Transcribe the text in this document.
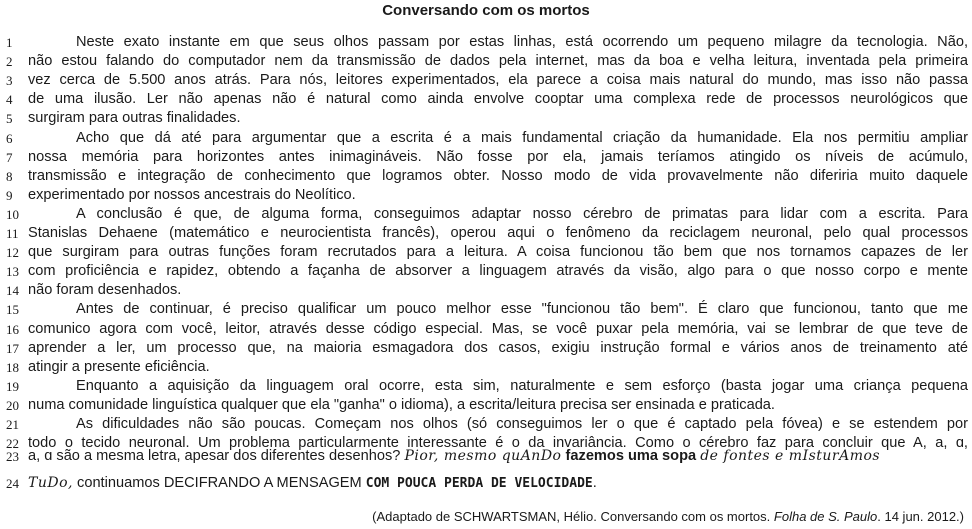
Conversando com os mortos
1	Neste exato instante em que seus olhos passam por estas linhas, está ocorrendo um pequeno milagre da tecnologia. Não,
2	não estou falando do computador nem da transmissão de dados pela internet, mas da boa e velha leitura, inventada pela primeira
3	vez cerca de 5.500 anos atrás. Para nós, leitores experimentados, ela parece a coisa mais natural do mundo, mas isso não passa
4	de uma ilusão. Ler não apenas não é natural como ainda envolve cooptar uma complexa rede de processos neurológicos que
5	surgiram para outras finalidades.
6	Acho que dá até para argumentar que a escrita é a mais fundamental criação da humanidade. Ela nos permitiu ampliar
7	nossa memória para horizontes antes inimagináveis. Não fosse por ela, jamais teríamos atingido os níveis de acúmulo,
8	transmissão e integração de conhecimento que logramos obter. Nosso modo de vida provavelmente não diferiria muito daquele
9	experimentado por nossos ancestrais do Neolítico.
10	A conclusão é que, de alguma forma, conseguimos adaptar nosso cérebro de primatas para lidar com a escrita. Para
11 Stanislas Dehaene (matemático e neurocientista francês), operou aqui o fenômeno da reciclagem neuronal, pelo qual processos
12 que surgiram para outras funções foram recrutados para a leitura. A coisa funcionou tão bem que nos tornamos capazes de ler
13 com proficiência e rapidez, obtendo a façanha de absorver a linguagem através da visão, algo para o que nosso corpo e mente
14 não foram desenhados.
15	Antes de continuar, é preciso qualificar um pouco melhor esse "funcionou tão bem". É claro que funcionou, tanto que me
16 comunico agora com você, leitor, através desse código especial. Mas, se você puxar pela memória, vai se lembrar de que teve de
17 aprender a ler, um processo que, na maioria esmagadora dos casos, exigiu instrução formal e vários anos de treinamento até
18 atingir a presente eficiência.
19	Enquanto a aquisição da linguagem oral ocorre, esta sim, naturalmente e sem esforço (basta jogar uma criança pequena
20 numa comunidade linguística qualquer que ela "ganha" o idioma), a escrita/leitura precisa ser ensinada e praticada.
21	As dificuldades não são poucas. Começam nos olhos (só conseguimos ler o que é captado pela fóvea) e se estendem por
22 todo o tecido neuronal. Um problema particularmente interessante é o da invariância. Como o cérebro faz para concluir que A, a, ɑ,
23 a, ɑ são a mesma letra, apesar dos diferentes desenhos? Pior, mesmo quAnDo fazemos uma sopa de fontes e mIsturAmos
24 TuDo, continuamos DECIFRANDO A MENSAGEM COM POUCA PERDA DE VELOCIDADE.
(Adaptado de SCHWARTSMAN, Hélio. Conversando com os mortos. Folha de S. Paulo. 14 jun. 2012.)
